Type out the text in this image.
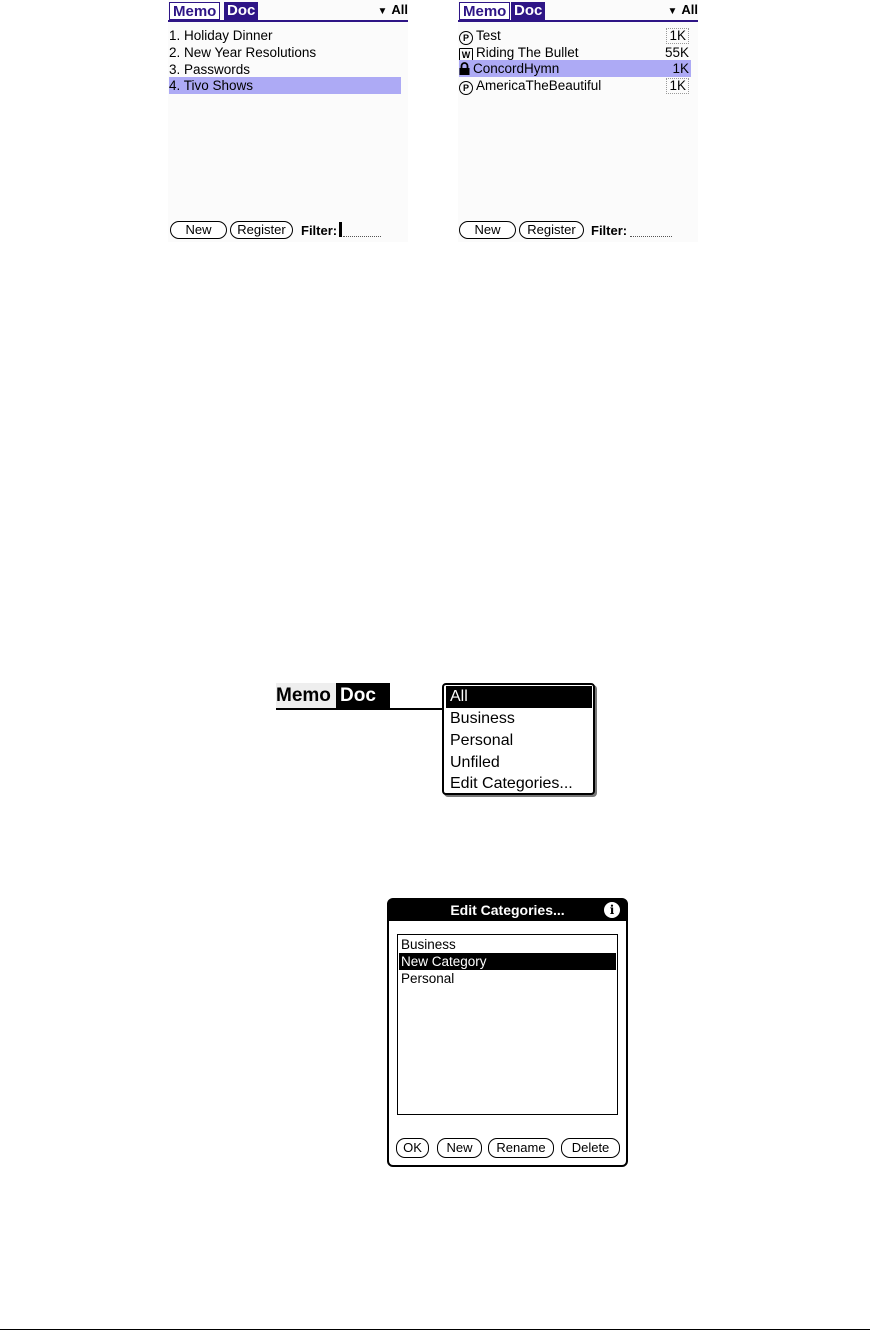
Memo Doc	▼ All
1. Holiday Dinner
2. New Year Resolutions
3. Passwords
4. Tivo Shows
New	Register	Filter:
Memo Doc	▼ All
P Test	1K
W Riding The Bullet	55K
ConcordHymn	1K
P AmericaTheBeautiful	1K
New	Register	Filter:
Memo Doc	All
Business
Personal
Unfiled
Edit Categories...
Edit Categories...	i
Business
New Category
Personal
OK	New	Rename	Delete
